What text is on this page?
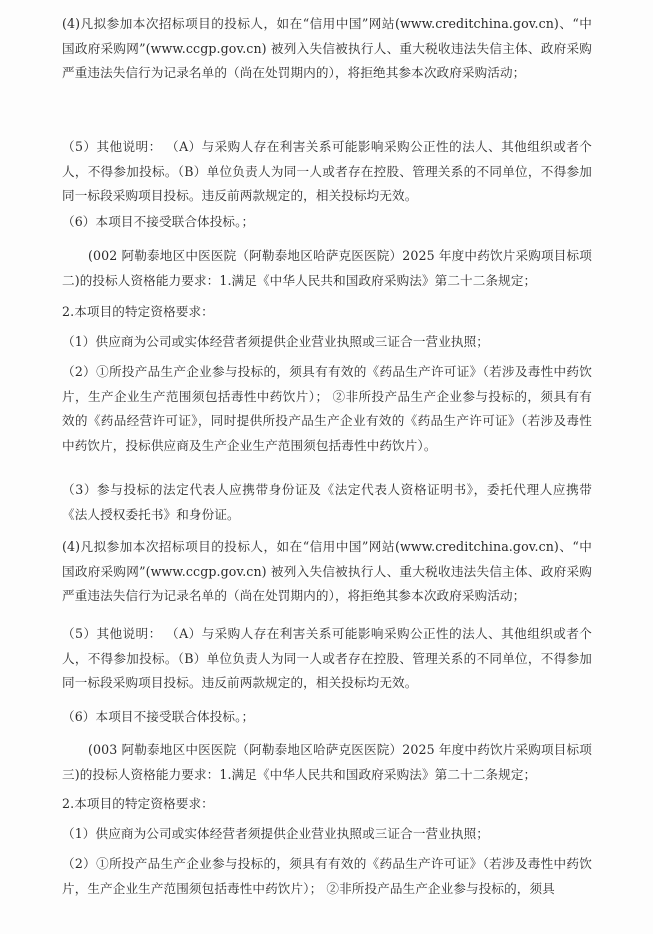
(4)凡拟参加本次招标项目的投标人，如在“信用中国”网站(www.creditchina.gov.cn)、“中国政府采购网”(www.ccgp.gov.cn) 被列入失信被执行人、重大税收违法失信主体、政府采购严重违法失信行为记录名单的（尚在处罚期内的），将拒绝其参本次政府采购活动；

（5）其他说明： （A）与采购人存在利害关系可能影响采购公正性的法人、其他组织或者个人，不得参加投标。（B）单位负责人为同一人或者存在控股、管理关系的不同单位，不得参加同一标段采购项目投标。违反前两款规定的，相关投标均无效。

（6）本项目不接受联合体投标。；

(002 阿勒泰地区中医医院（阿勒泰地区哈萨克医医院）2025 年度中药饮片采购项目标项二)的投标人资格能力要求：1.满足《中华人民共和国政府采购法》第二十二条规定；

2.本项目的特定资格要求：

（1）供应商为公司或实体经营者须提供企业营业执照或三证合一营业执照；

（2）①所投产品生产企业参与投标的，须具有有效的《药品生产许可证》（若涉及毒性中药饮片，生产企业生产范围须包括毒性中药饮片）； ②非所投产品生产企业参与投标的，须具有有效的《药品经营许可证》，同时提供所投产品生产企业有效的《药品生产许可证》（若涉及毒性中药饮片，投标供应商及生产企业生产范围须包括毒性中药饮片）。

（3）参与投标的法定代表人应携带身份证及《法定代表人资格证明书》，委托代理人应携带《法人授权委托书》和身份证。

(4)凡拟参加本次招标项目的投标人，如在“信用中国”网站(www.creditchina.gov.cn)、“中国政府采购网”(www.ccgp.gov.cn) 被列入失信被执行人、重大税收违法失信主体、政府采购严重违法失信行为记录名单的（尚在处罚期内的），将拒绝其参本次政府采购活动；

（5）其他说明： （A）与采购人存在利害关系可能影响采购公正性的法人、其他组织或者个人，不得参加投标。（B）单位负责人为同一人或者存在控股、管理关系的不同单位，不得参加同一标段采购项目投标。违反前两款规定的，相关投标均无效。

（6）本项目不接受联合体投标。；

(003 阿勒泰地区中医医院（阿勒泰地区哈萨克医医院）2025 年度中药饮片采购项目标项三)的投标人资格能力要求：1.满足《中华人民共和国政府采购法》第二十二条规定；

2.本项目的特定资格要求：

（1）供应商为公司或实体经营者须提供企业营业执照或三证合一营业执照；

（2）①所投产品生产企业参与投标的，须具有有效的《药品生产许可证》（若涉及毒性中药饮片，生产企业生产范围须包括毒性中药饮片）； ②非所投产品生产企业参与投标的，须具
